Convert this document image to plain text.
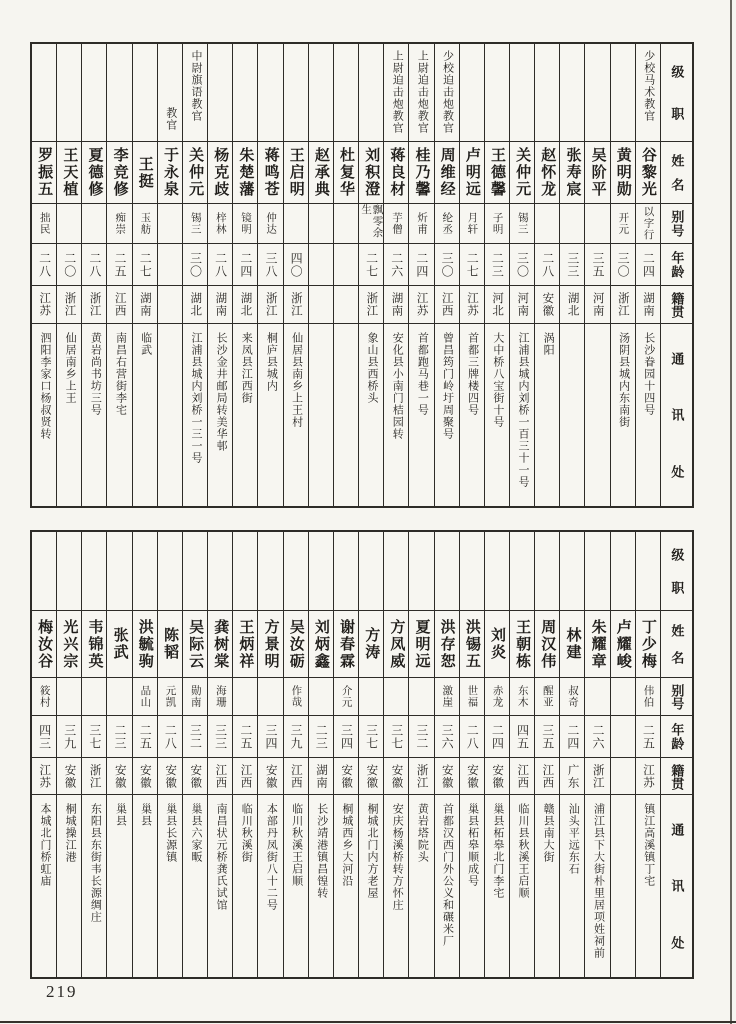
罗振五
拙民
二八
江苏
泗阳李家口杨叔贤转
王天植
二〇
浙江
仙居南乡上王
夏德修
二八
浙江
黄岩尚书坊三号
李竞修
痴崇
二五
江西
南昌右营街李宅
王挺
玉舫
二七
湖南
临武
教官
于永泉
中尉旗语教官
关仲元
锡三
三〇
湖北
江浦县城内刘桥一三一号
杨克歧
梓林
二八
湖南
长沙金井邮局转美华邨
朱楚藩
镜明
二四
湖北
来凤县江西街
蒋鸣苍
仲达
三八
浙江
桐庐县城内
王启明
四〇
浙江
仙居县南乡上王村
赵承典 杜复华 刘积澄
飘零余生
二七
浙江
象山县西桥头
上尉迫击炮教官
蒋良材
芋僧
二六
湖南
安化县小南门桔园转
上尉迫击炮教官
桂乃馨
炘甫
二四
江苏
首都跑马巷一号
少校迫击炮教官
周维经
纶丞
三〇
江西
曾昌筠门岭圩周聚号
卢明远
月轩
二七
江苏
首都三牌楼四号
王德馨
子明
二三
河北
大中桥八宝街十号
关仲元
锡三
三〇
河南
江浦县城内刘桥一百三十一号
赵怀龙
二八
安徽
涡阳
张寿宸
三三
湖北
吴阶平
三五
河南
黄明勋
开元
三〇
浙江
汤阴县城内东南街
少校马术教官
谷黎光
以字行
二四
湖南
长沙眷园十四号
级
职
姓
名
别
号
年
龄
籍
贯
通
讯
处
梅汝谷
筱村
四三
江苏
本城北门桥虹庙
光兴宗
三九
安徽
桐城操江港
韦锦英
三七
浙江
东阳县东街韦长源绸庄
张武
二三
安徽
巢县
洪毓驹
品山
二五
安徽
巢县
陈韬
元凯
二八
安徽
巢县长源镇
吴际云
勋南
三二
安徽
巢县六家畈
龚树棠
海珊
三三
江西
南昌状元桥龚氏试馆
王炳祥
二五
江西
临川秋溪街
方景明
三四
安徽
本部丹凤街八十二号
吴汝砺
作哉
三九
江西
临川秋溪王启顺
刘炳鑫
二三
湖南
长沙靖港镇昌锽转
谢春霖
介元
三四
安徽
桐城西乡大河沿
方涛
三七
安徽
桐城北门内方老屋
方凤威
三七
安徽
安庆杨溪桥转方怀庄
夏明远
三二
浙江
黄岩塔院头
洪存恕
激崖
三六
安徽
首都汉西门外公义和碾米厂
洪锡五
世福
二八
安徽
巢县柘皋顺成号
刘炎
赤龙
二四
安徽
巢县柘皋北门李宅
王朝栋
东木
四五
江西
临川县秋溪王启顺
周汉伟
醒亚
三五
江西
赣县南大街
林建
叔奇
二四
广东
汕头平远东石
朱耀章
二六
浙江
浦江县下大街朴里居项姓祠前
卢耀峻 丁少梅
伟伯
二五
江苏
镇江高溪镇丁宅
级
职
姓
名
别
号
年
龄
籍
贯
通
讯
处
219
